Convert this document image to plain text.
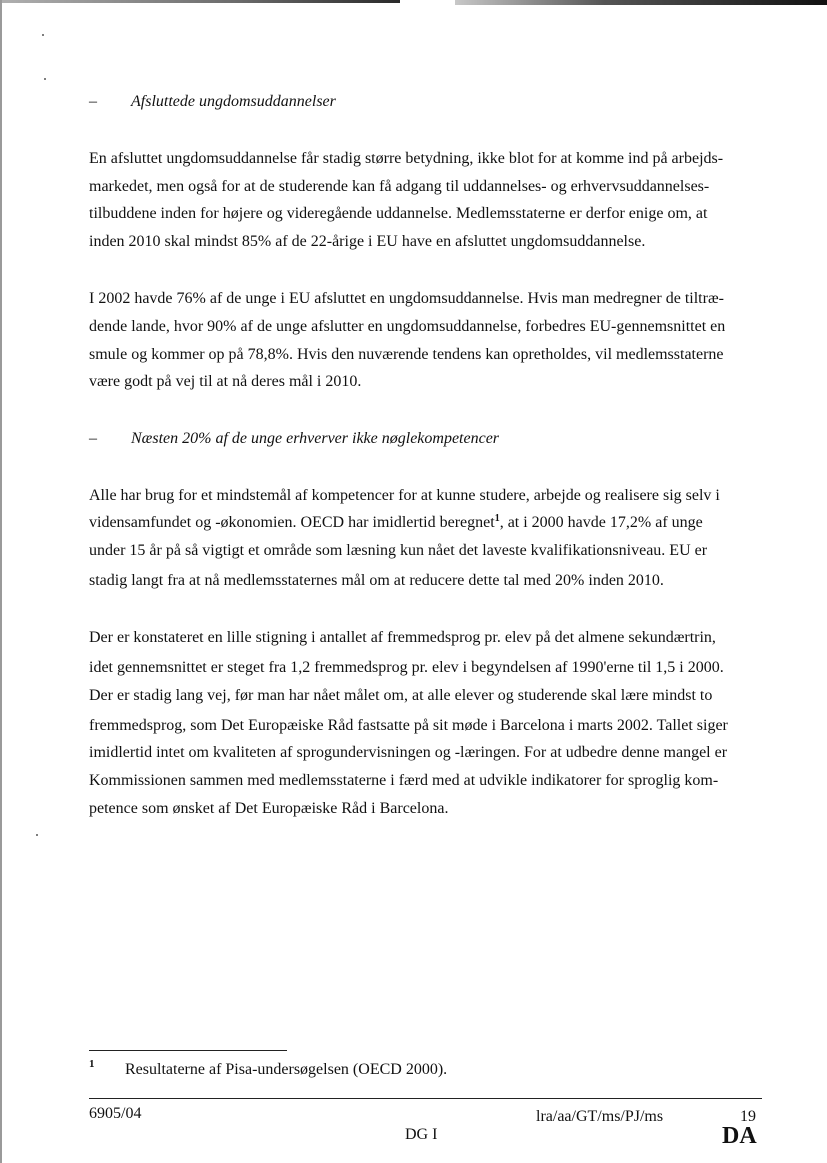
– Afsluttede ungdomsuddannelser
En afsluttet ungdomsuddannelse får stadig større betydning, ikke blot for at komme ind på arbejds-
markedet, men også for at de studerende kan få adgang til uddannelses- og erhvervsuddannelses-
tilbuddene inden for højere og videregående uddannelse. Medlemsstaterne er derfor enige om, at
inden 2010 skal mindst 85% af de 22-årige i EU have en afsluttet ungdomsuddannelse.
I 2002 havde 76% af de unge i EU afsluttet en ungdomsuddannelse. Hvis man medregner de tiltræ-
dende lande, hvor 90% af de unge afslutter en ungdomsuddannelse, forbedres EU-gennemsnittet en
smule og kommer op på 78,8%. Hvis den nuværende tendens kan opretholdes, vil medlemsstaterne
være godt på vej til at nå deres mål i 2010.
– Næsten 20% af de unge erhverver ikke nøglekompetencer
Alle har brug for et mindstemål af kompetencer for at kunne studere, arbejde og realisere sig selv i
vidensamfundet og -økonomien. OECD har imidlertid beregnet$^1$, at i 2000 havde 17,2% af unge
under 15 år på så vigtigt et område som læsning kun nået det laveste kvalifikationsniveau. EU er
stadig langt fra at nå medlemsstaternes mål om at reducere dette tal med 20% inden 2010.
Der er konstateret en lille stigning i antallet af fremmedsprog pr. elev på det almene sekundærtrin,
idet gennemsnittet er steget fra 1,2 fremmedsprog pr. elev i begyndelsen af 1990'erne til 1,5 i 2000.
Der er stadig lang vej, før man har nået målet om, at alle elever og studerende skal lære mindst to
fremmedsprog, som Det Europæiske Råd fastsatte på sit møde i Barcelona i marts 2002. Tallet siger
imidlertid intet om kvaliteten af sprogundervisningen og -læringen. For at udbedre denne mangel er
Kommissionen sammen med medlemsstaterne i færd med at udvikle indikatorer for sproglig kom-
petence som ønsket af Det Europæiske Råd i Barcelona.
1 Resultaterne af Pisa-undersøgelsen (OECD 2000).
6905/04
DG I
lra/aa/GT/ms/PJ/ms	19
DA
